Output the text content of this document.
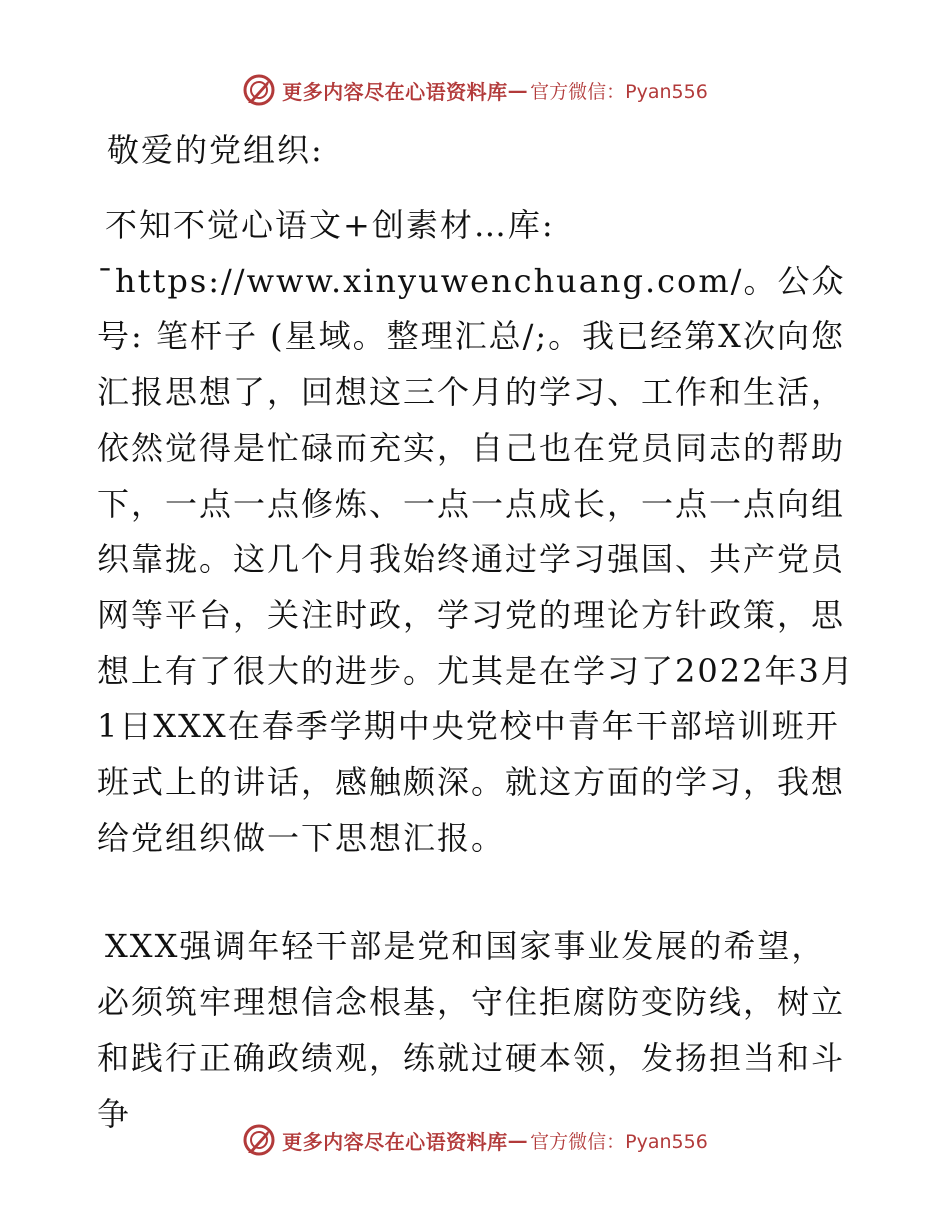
更多内容尽在心语资料库 — 官方微信：Pyan556
敬爱的党组织:
不知不觉心语文+创素材…库: ¯https://www.xinyuwenchuang.com/。公众号: 笔杆子 (星域。整理汇总/;。我已经第X次向您汇报思想了，回想这三个月的学习、工作和生活，依然觉得是忙碌而充实，自己也在党员同志的帮助下，一点一点修炼、一点一点成长，一点一点向组织靠拢。这几个月我始终通过学习强国、共产党员网等平台，关注时政，学习党的理论方针政策，思想上有了很大的进步。尤其是在学习了2022年3月1日XXX在春季学期中央党校中青年干部培训班开班式上的讲话，感触颇深。就这方面的学习，我想给党组织做一下思想汇报。
XXX强调年轻干部是党和国家事业发展的希望，必须筑牢理想信念根基，守住拒腐防变防线，树立和践行正确政绩观，练就过硬本领，发扬担当和斗争
更多内容尽在心语资料库 — 官方微信：Pyan556
